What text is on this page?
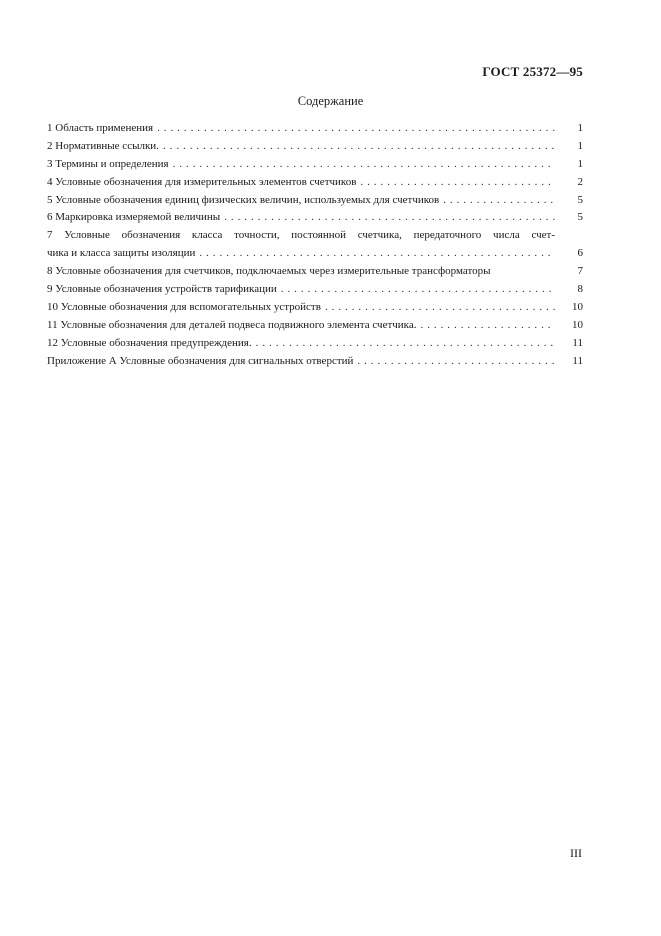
ГОСТ 25372—95
Содержание
1 Область применения . . .	1
2 Нормативные ссылки. . . .	1
3 Термины и определения . . .	1
4 Условные обозначения для измерительных элементов счетчиков . . .	2
5 Условные обозначения единиц физических величин, используемых для счетчиков . . .	5
6 Маркировка измеряемой величины . . .	5
7 Условные обозначения класса точности, постоянной счетчика, передаточного числа счет-
чика и класса защиты изоляции . . .	6
8 Условные обозначения для счетчиков, подключаемых через измерительные трансформаторы	7
9 Условные обозначения устройств тарификации . . .	8
10 Условные обозначения для вспомогательных устройств . . .	10
11 Условные обозначения для деталей подвеса подвижного элемента счетчика. . . .	10
12 Условные обозначения предупреждения. . . .	11
Приложение А Условные обозначения для сигнальных отверстий . . .	11
III
